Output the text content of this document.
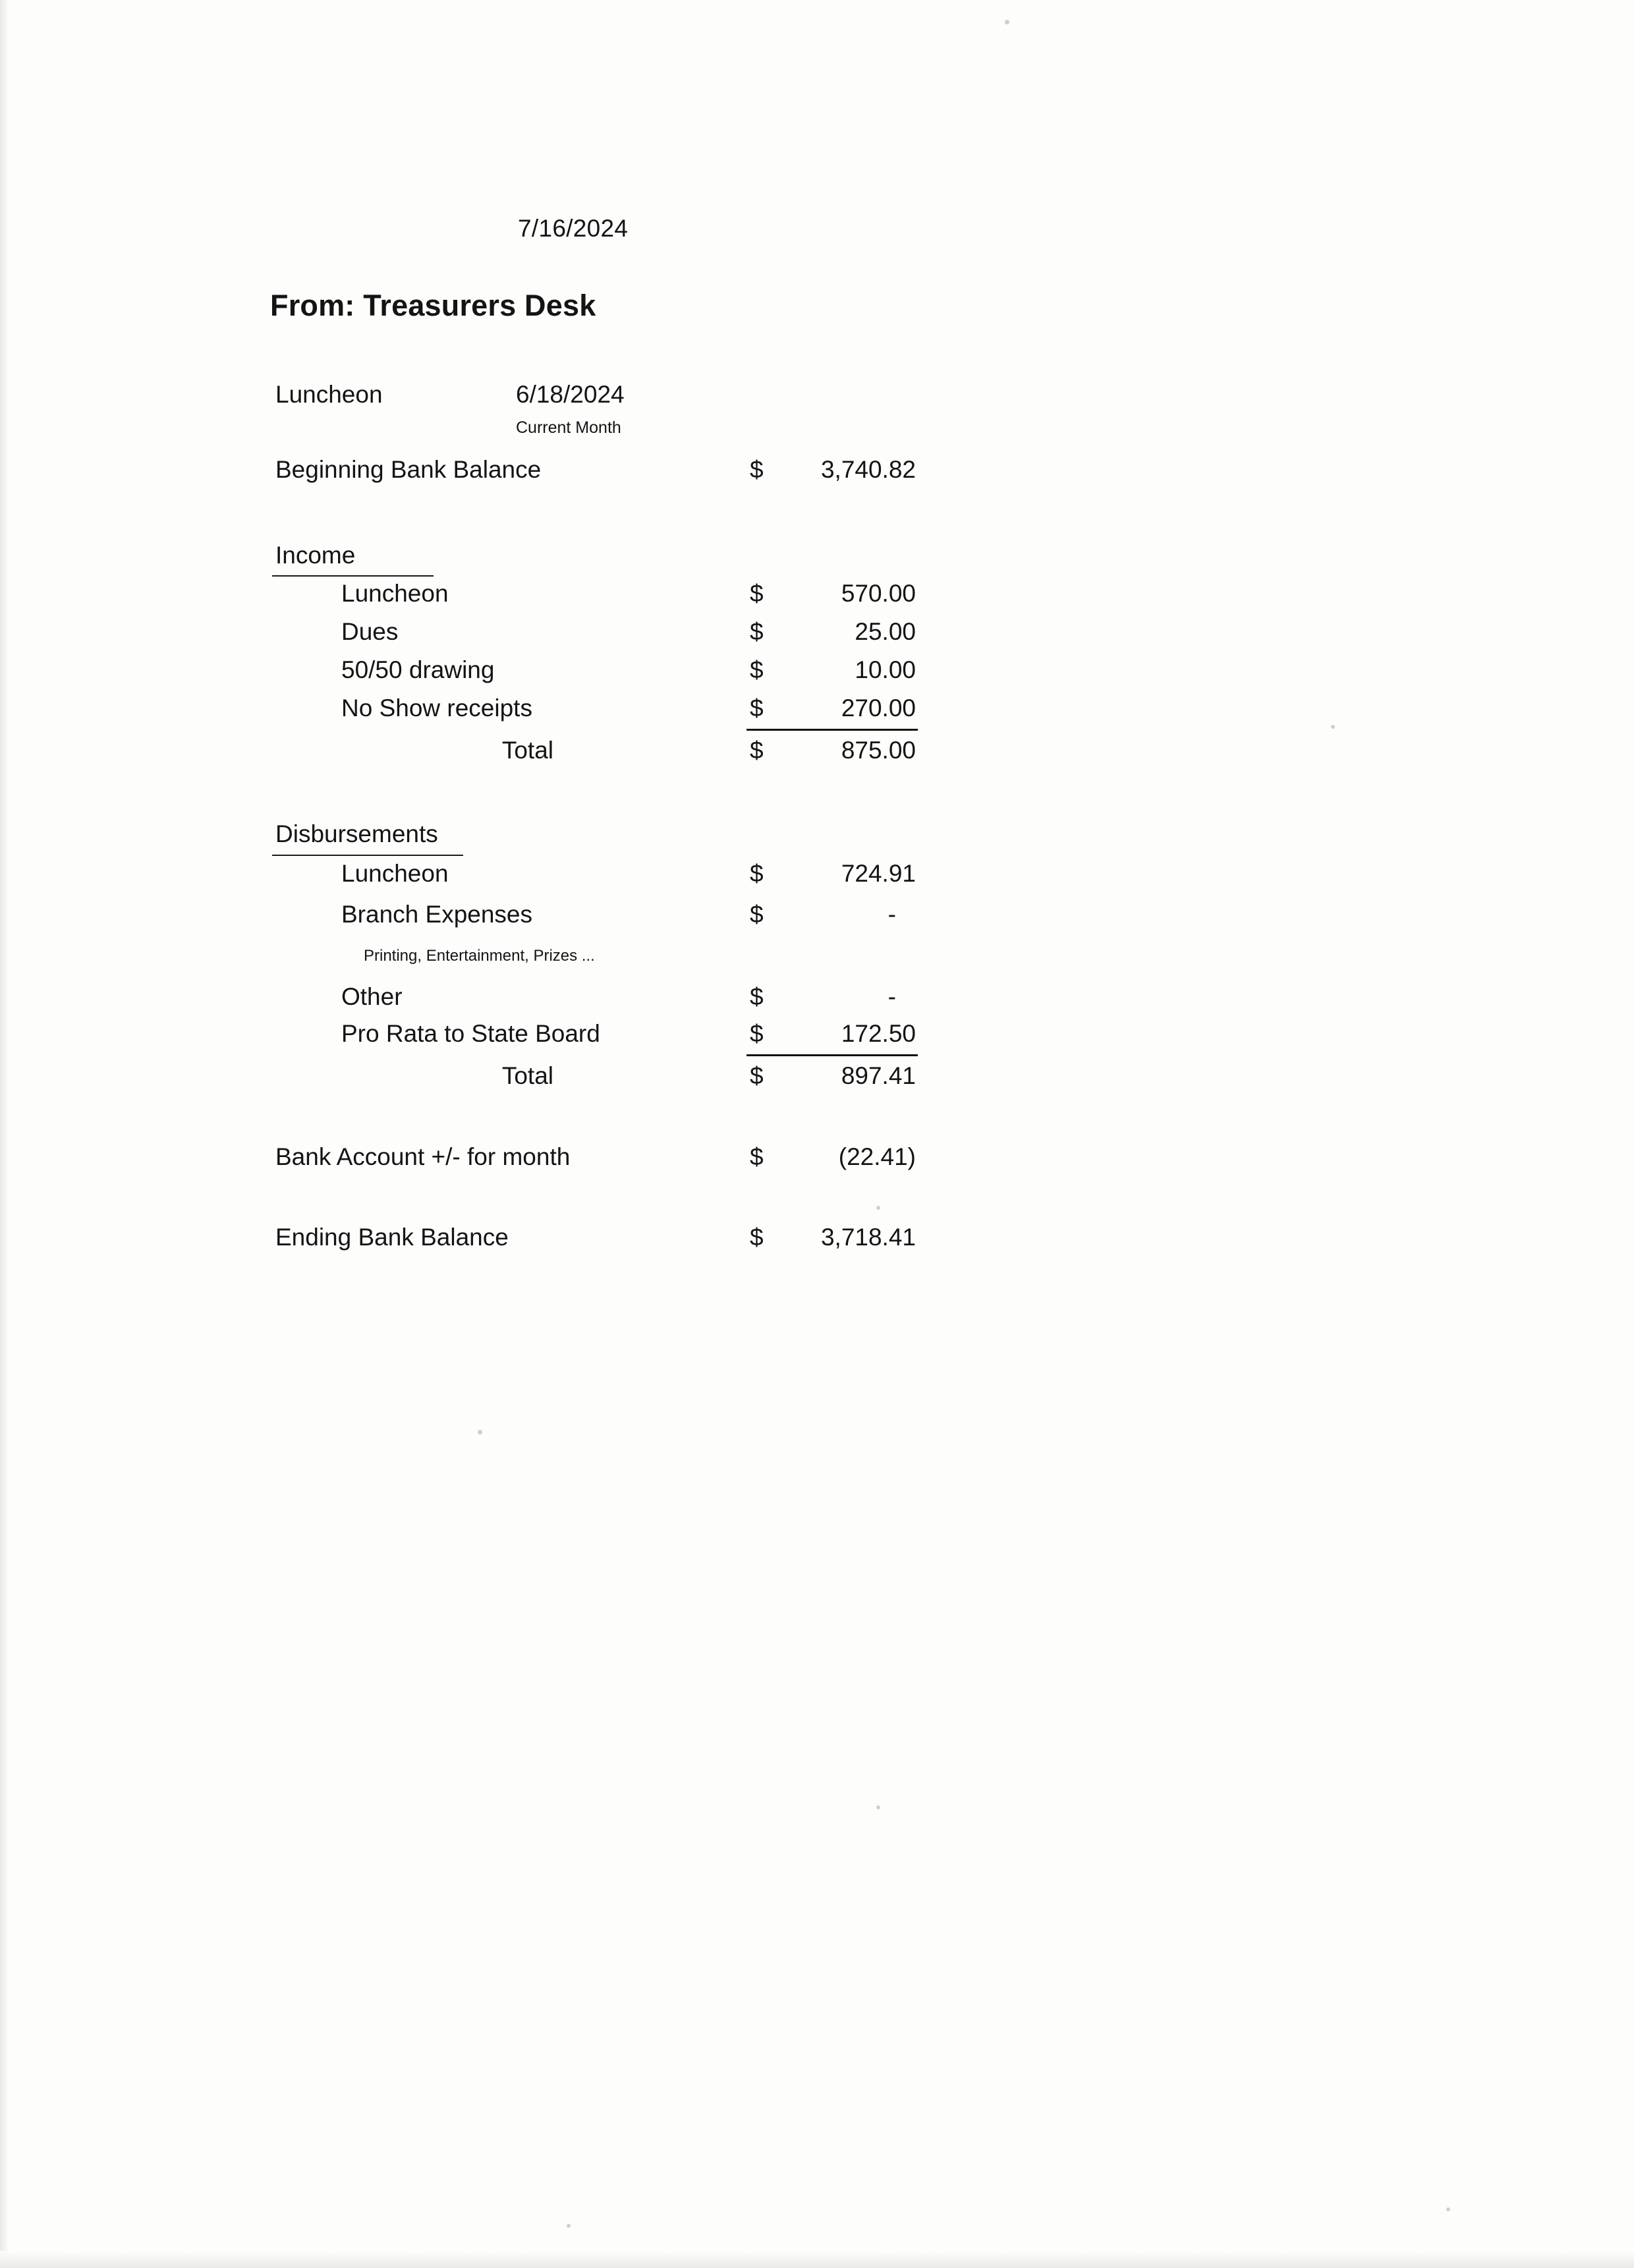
7/16/2024
From: Treasurers Desk
Luncheon	6/18/2024
Current Month
Beginning Bank Balance	$	3,740.82
Income
Luncheon	$	570.00
Dues	$	25.00
50/50 drawing	$	10.00
No Show receipts	$	270.00
Total	$	875.00
Disbursements
Luncheon	$	724.91
Branch Expenses	$	-
Printing, Entertainment, Prizes ...
Other	$	-
Pro Rata to State Board	$	172.50
Total	$	897.41
Bank Account +/- for month	$	(22.41)
Ending Bank Balance	$	3,718.41
